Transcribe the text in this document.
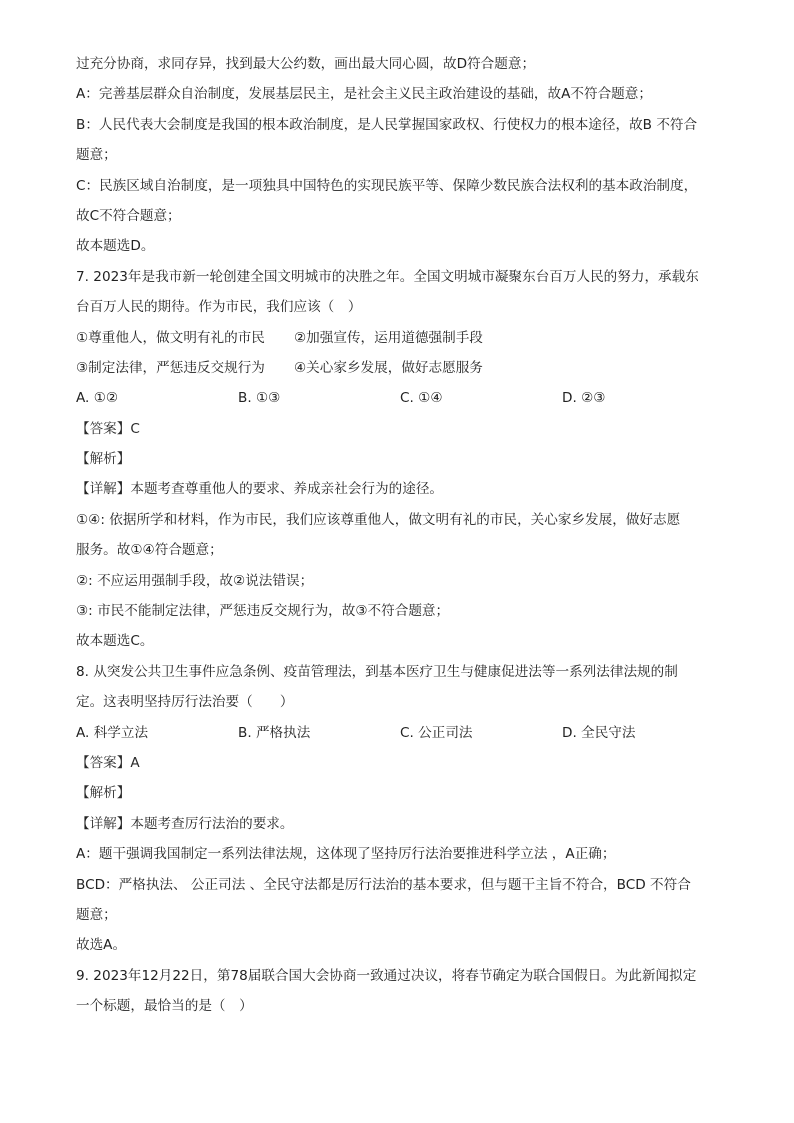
过充分协商，求同存异，找到最大公约数，画出最大同心圆，故D符合题意；
A：完善基层群众自治制度，发展基层民主，是社会主义民主政治建设的基础，故A不符合题意；
B：人民代表大会制度是我国的根本政治制度，是人民掌握国家政权、行使权力的根本途径，故B 不符合
题意；
C：民族区域自治制度，是一项独具中国特色的实现民族平等、保障少数民族合法权利的基本政治制度，
故C不符合题意；
故本题选D。
7. 2023年是我市新一轮创建全国文明城市的决胜之年。全国文明城市凝聚东台百万人民的努力，承载东
台百万人民的期待。作为市民，我们应该（　）
①尊重他人，做文明有礼的市民	②加强宣传，运用道德强制手段
③制定法律，严惩违反交规行为	④关心家乡发展，做好志愿服务
A. ①②	B. ①③	C. ①④	D. ②③
【答案】C
【解析】
【详解】本题考查尊重他人的要求、养成亲社会行为的途径。
①④: 依据所学和材料，作为市民，我们应该尊重他人，做文明有礼的市民，关心家乡发展，做好志愿
服务。故①④符合题意；
②: 不应运用强制手段，故②说法错误；
③: 市民不能制定法律，严惩违反交规行为，故③不符合题意；
故本题选C。
8. 从突发公共卫生事件应急条例、疫苗管理法，到基本医疗卫生与健康促进法等一系列法律法规的制
定。这表明坚持厉行法治要（　　）
A. 科学立法	B. 严格执法	C. 公正司法	D. 全民守法
【答案】A
【解析】
【详解】本题考查厉行法治的要求。
A：题干强调我国制定一系列法律法规，这体现了坚持厉行法治要推进科学立法 ，A正确；
BCD：严格执法、 公正司法 、全民守法都是厉行法治的基本要求，但与题干主旨不符合，BCD 不符合
题意；
故选A。
9. 2023年12月22日，第78届联合国大会协商一致通过决议，将春节确定为联合国假日。为此新闻拟定
一个标题，最恰当的是（　）
